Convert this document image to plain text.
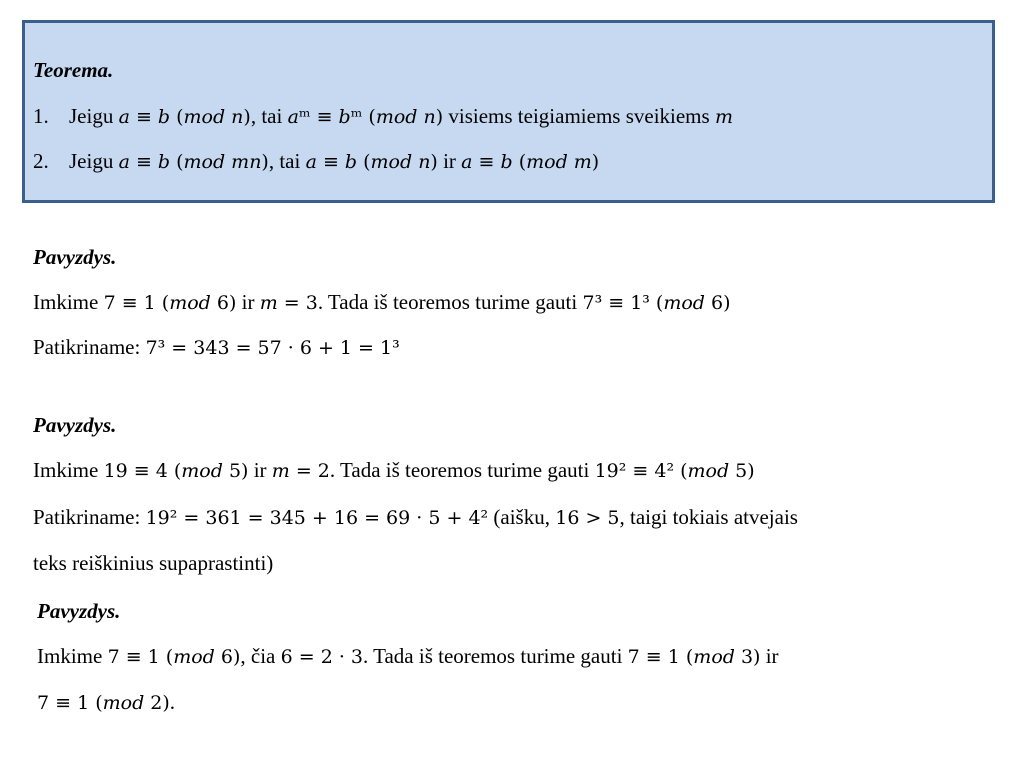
Teorema.
1. Jeigu 𝑎 ≡ 𝑏 (𝑚𝑜𝑑 𝑛), tai 𝑎ᵐ ≡ 𝑏ᵐ (𝑚𝑜𝑑 𝑛) visiems teigiamiems sveikiems 𝑚
2. Jeigu 𝑎 ≡ 𝑏 (𝑚𝑜𝑑 𝑚𝑛), tai 𝑎 ≡ 𝑏 (𝑚𝑜𝑑 𝑛) ir 𝑎 ≡ 𝑏 (𝑚𝑜𝑑 𝑚)
Pavyzdys.
Imkime 7 ≡ 1 (𝑚𝑜𝑑 6) ir 𝑚 = 3. Tada iš teoremos turime gauti 7³ ≡ 1³ (𝑚𝑜𝑑 6)
Patikriname: 7³ = 343 = 57 · 6 + 1 = 1³
Pavyzdys.
Imkime 19 ≡ 4 (𝑚𝑜𝑑 5) ir 𝑚 = 2. Tada iš teoremos turime gauti 19² ≡ 4² (𝑚𝑜𝑑 5)
Patikriname: 19² = 361 = 345 + 16 = 69 · 5 + 4² (aišku, 16 > 5, taigi tokiais atvejais
teks reiškinius supaprastinti)
Pavyzdys.
Imkime 7 ≡ 1 (𝑚𝑜𝑑 6), čia 6 = 2 · 3. Tada iš teoremos turime gauti 7 ≡ 1 (𝑚𝑜𝑑 3) ir
7 ≡ 1 (𝑚𝑜𝑑 2).
